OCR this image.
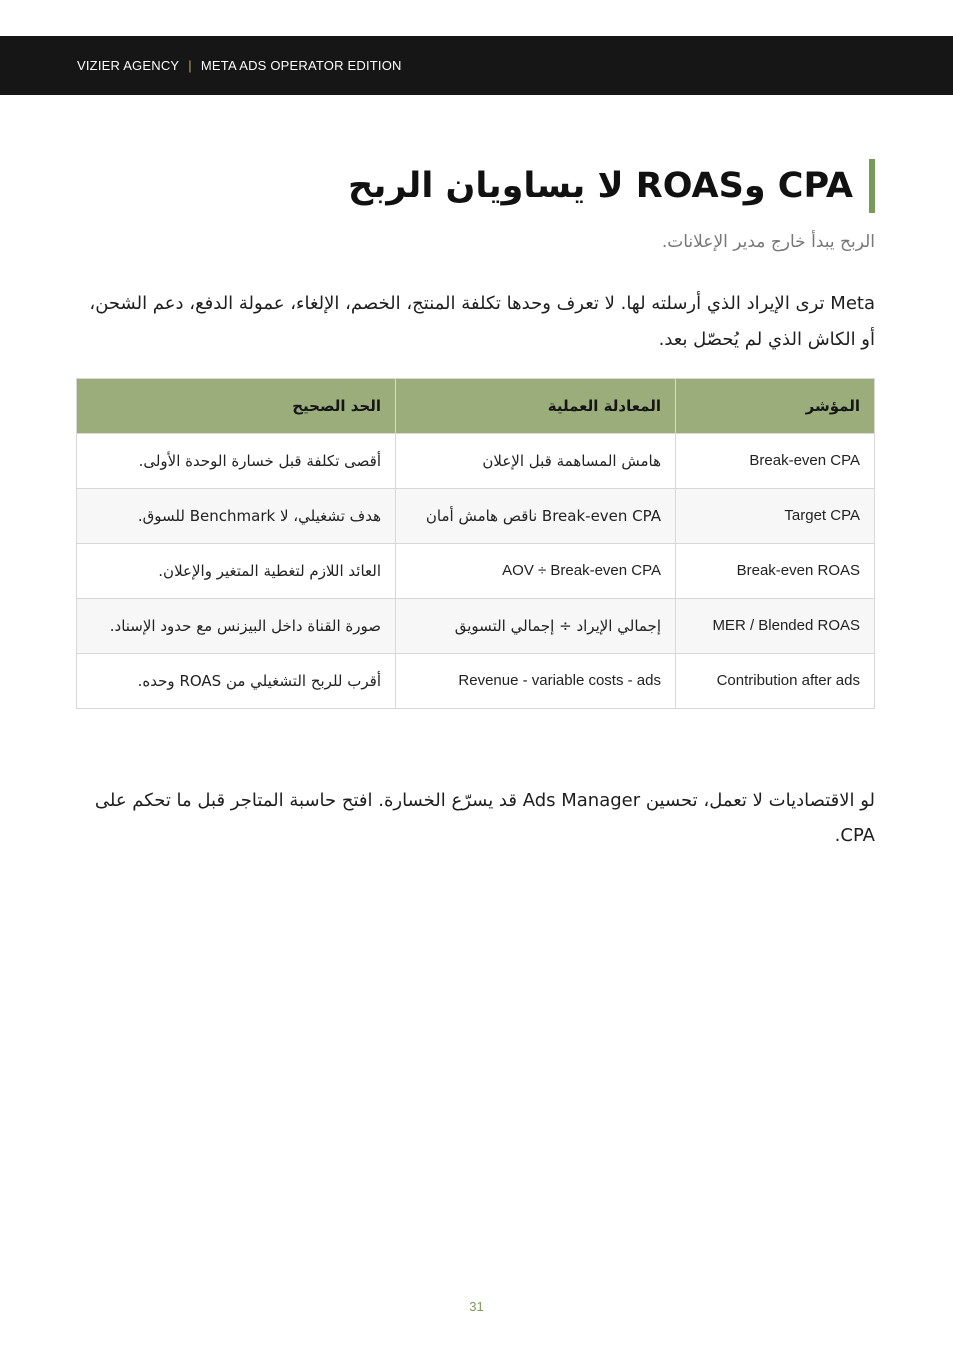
VIZIER AGENCY | META ADS OPERATOR EDITION
CPA وROAS لا يساويان الربح
الربح يبدأ خارج مدير الإعلانات.
Meta ترى الإيراد الذي أرسلته لها. لا تعرف وحدها تكلفة المنتج، الخصم، الإلغاء، عمولة الدفع، دعم الشحن، أو الكاش الذي لم يُحصّل بعد.
المؤشر	المعادلة العملية	الحد الصحيح
Break-even CPA	هامش المساهمة قبل الإعلان	أقصى تكلفة قبل خسارة الوحدة الأولى.
Target CPA	Break-even CPA ناقص هامش أمان	هدف تشغيلي، لا Benchmark للسوق.
Break-even ROAS	AOV ÷ Break-even CPA	العائد اللازم لتغطية المتغير والإعلان.
MER / Blended ROAS	إجمالي الإيراد ÷ إجمالي التسويق	صورة القناة داخل البيزنس مع حدود الإسناد.
Contribution after ads	Revenue - variable costs - ads	أقرب للربح التشغيلي من ROAS وحده.
لو الاقتصاديات لا تعمل، تحسين Ads Manager قد يسرّع الخسارة. افتح حاسبة المتاجر قبل ما تحكم على CPA.
31
